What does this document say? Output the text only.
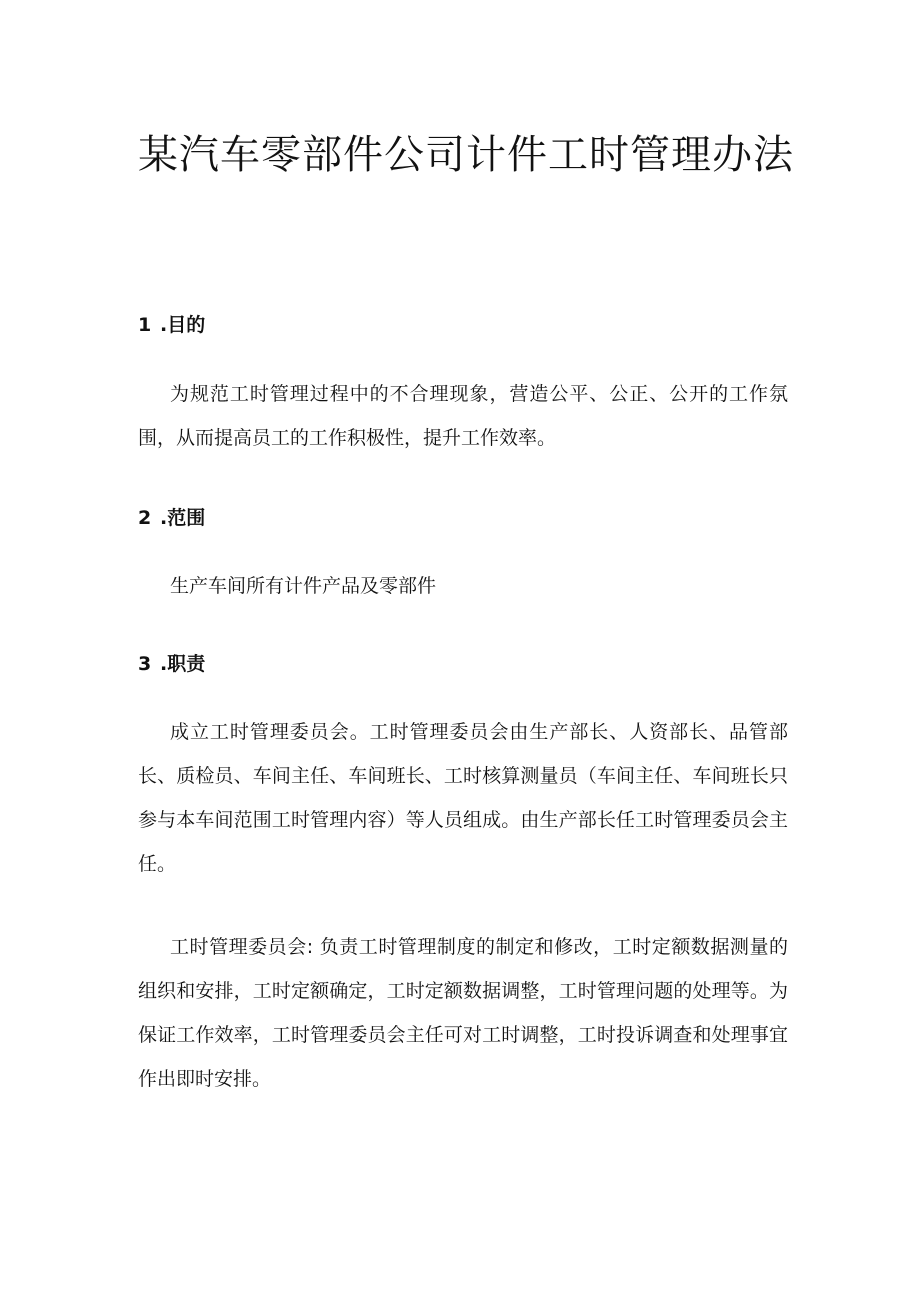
某汽车零部件公司计件工时管理办法
1 .目的

为规范工时管理过程中的不合理现象，营造公平、公正、公开的工作氛围，从而提高员工的工作积极性，提升工作效率。

2 .范围

生产车间所有计件产品及零部件

3 .职责

成立工时管理委员会。工时管理委员会由生产部长、人资部长、品管部长、质检员、车间主任、车间班长、工时核算测量员（车间主任、车间班长只参与本车间范围工时管理内容）等人员组成。由生产部长任工时管理委员会主任。

工时管理委员会: 负责工时管理制度的制定和修改，工时定额数据测量的组织和安排，工时定额确定，工时定额数据调整，工时管理问题的处理等。为保证工作效率，工时管理委员会主任可对工时调整，工时投诉调查和处理事宜作出即时安排。
